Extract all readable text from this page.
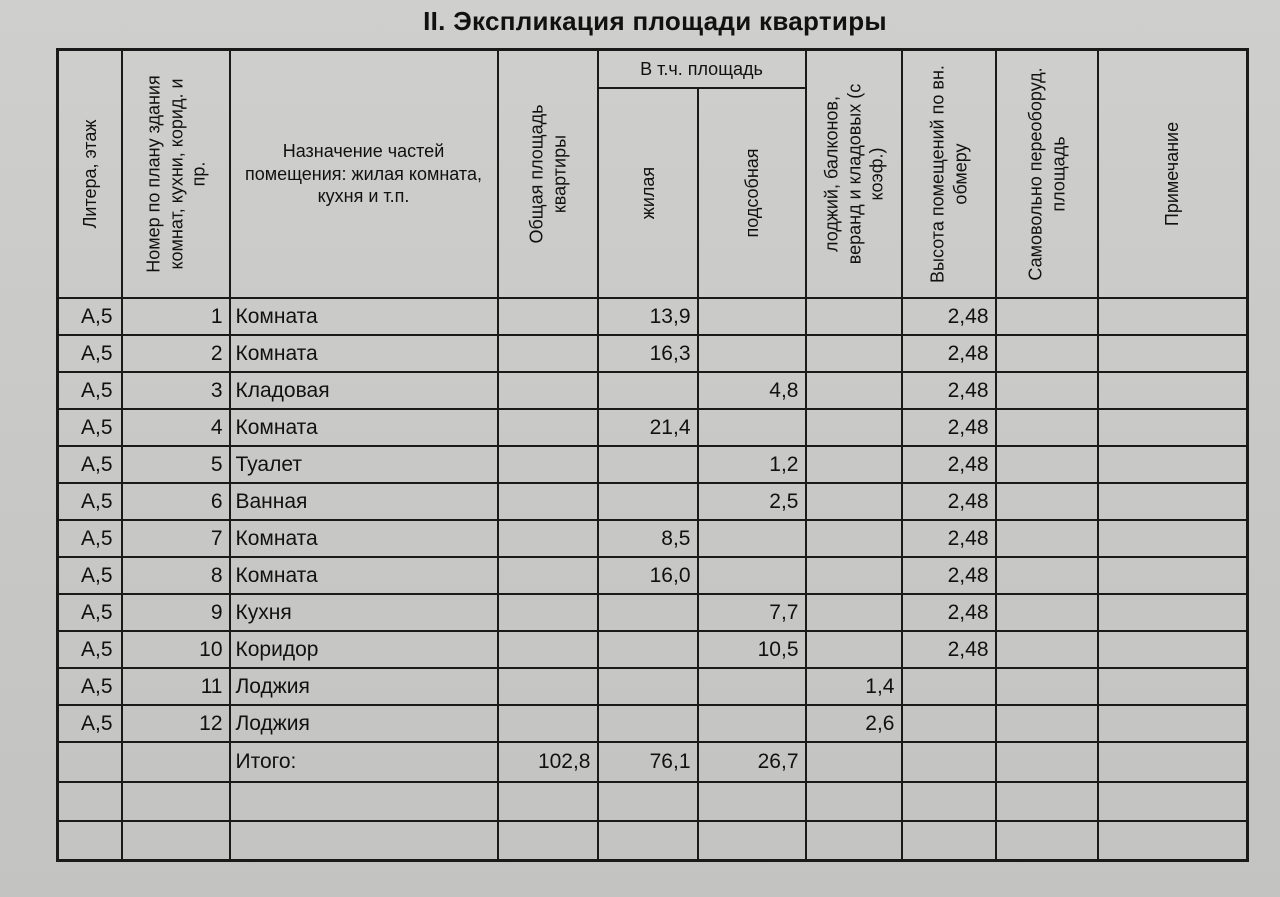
II. Экспликация площади квартиры
Литера, этаж	Номер по плану здания комнат, кухни, корид. и пр.	Назначение частей помещения: жилая комната, кухня и т.п.	Общая площадь квартиры	В т.ч. площадь		лоджий, балконов, веранд и кладовых (с коэф.)	Высота помещений по вн. обмеру	Самовольно переоборуд. площадь	Примечание

				жилая	подсобная				

А,5	1	Комната		13,9			2,48		
А,5	2	Комната		16,3			2,48		
А,5	3	Кладовая			4,8		2,48		
А,5	4	Комната		21,4			2,48		
А,5	5	Туалет			1,2		2,48		
А,5	6	Ванная			2,5		2,48		
А,5	7	Комната		8,5			2,48		
А,5	8	Комната		16,0			2,48		
А,5	9	Кухня			7,7		2,48		
А,5	10	Коридор			10,5		2,48		
А,5	11	Лоджия				1,4			
А,5	12	Лоджия				2,6			
		Итого:	102,8	76,1	26,7				
